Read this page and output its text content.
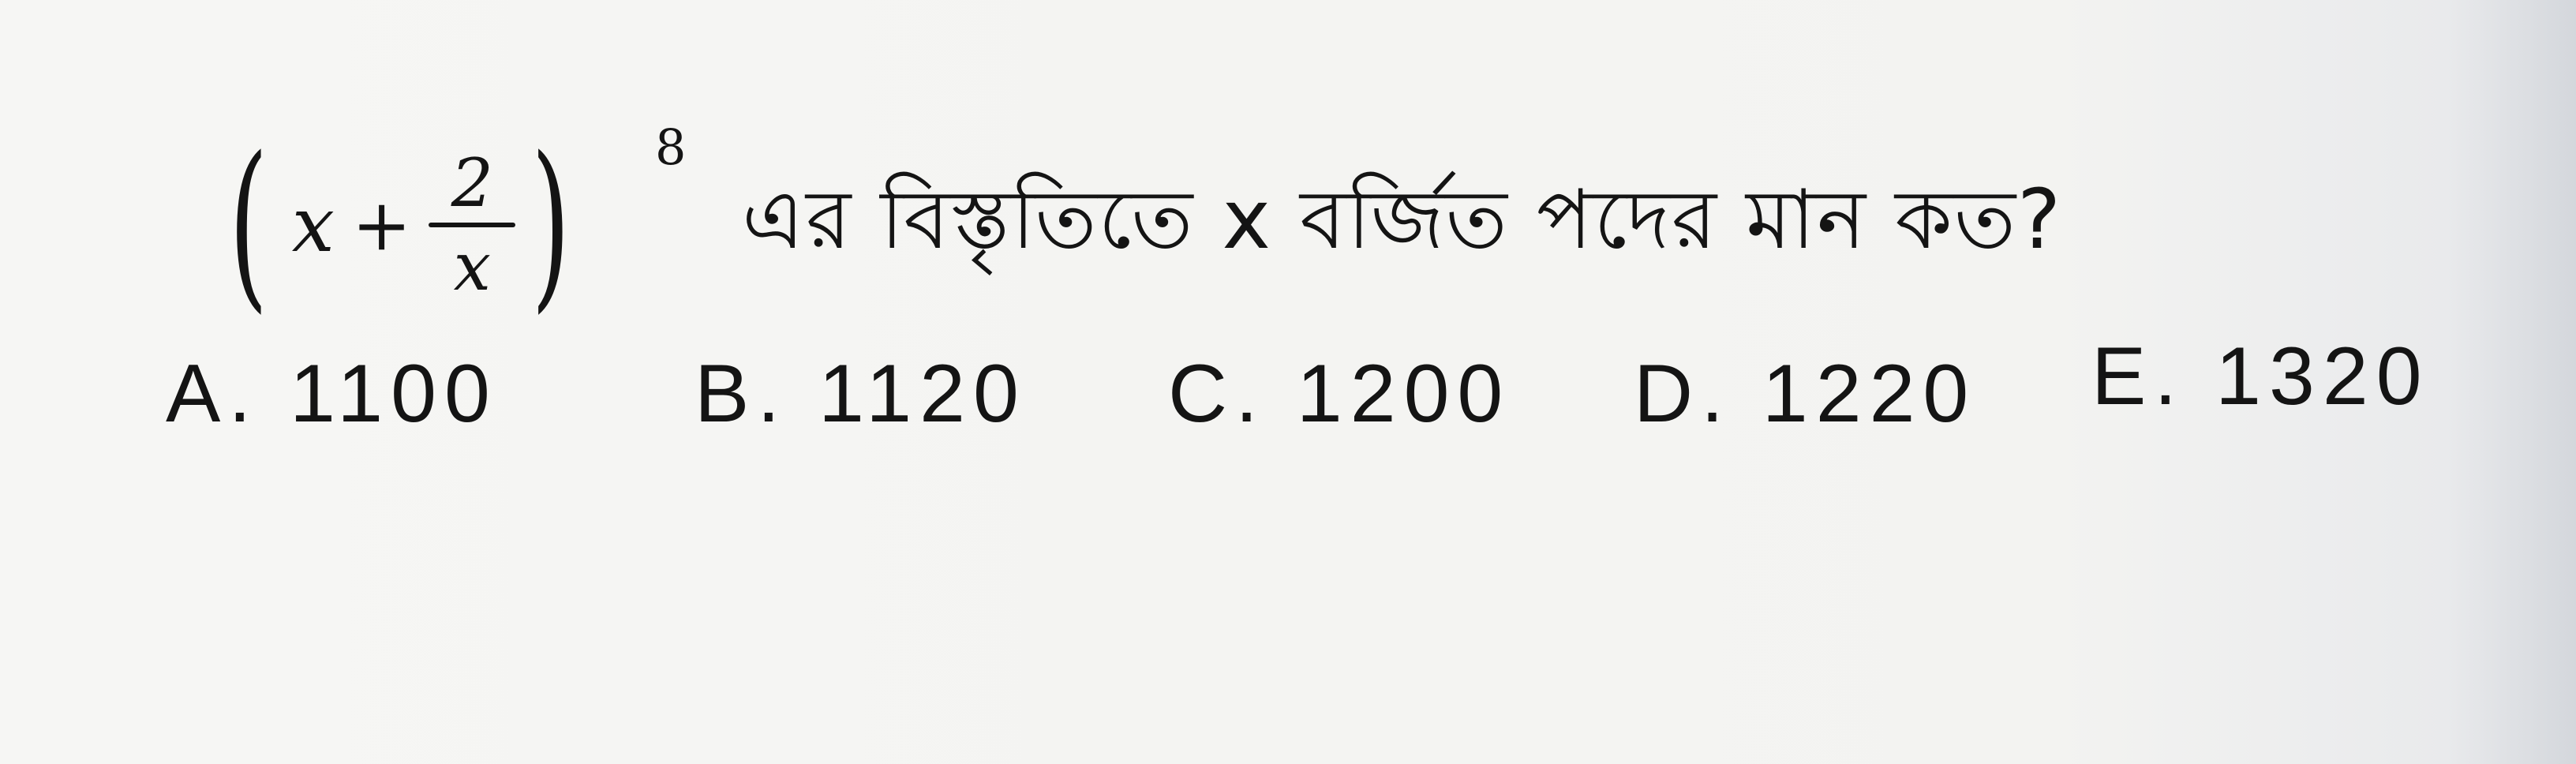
( x +
2
x ) 8
এর বিস্তৃতিতে x বর্জিত পদের মান কত?
A. 1100 B. 1120 C. 1200 D. 1220 E. 1320
